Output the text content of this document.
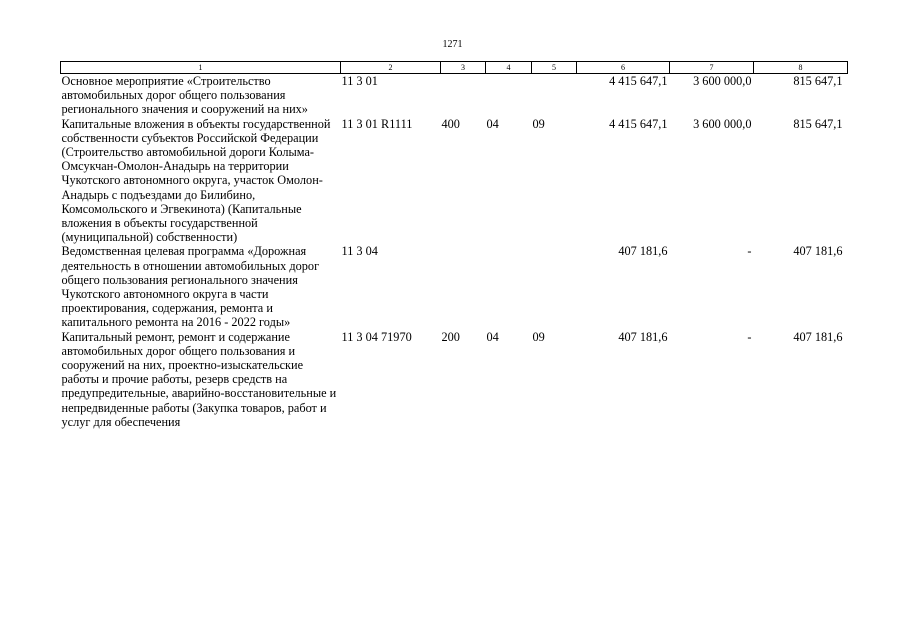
1271
1	2	3	4	5	6	7	8
Основное мероприятие «Строительство автомобильных дорог общего пользования регионального значения и сооружений на них»	11 3 01				4 415 647,1	3 600 000,0	815 647,1
Капитальные вложения в объекты государственной собственности субъектов Российской Федерации (Строительство автомобильной дороги Колыма-Омсукчан-Омолон-Анадырь на территории Чукотского автономного округа, участок Омолон-Анадырь с подъездами до Билибино, Комсомольского и Эгвекинота) (Капитальные вложения в объекты государственной (муниципальной) собственности)	11 3 01 R1111	400	04	09	4 415 647,1	3 600 000,0	815 647,1
Ведомственная целевая программа «Дорожная деятельность в отношении автомобильных дорог общего пользования регионального значения Чукотского автономного округа в части проектирования, содержания, ремонта и капитального ремонта на 2016 - 2022 годы»	11 3 04				407 181,6	-	407 181,6
Капитальный ремонт, ремонт и содержание автомобильных дорог общего пользования и сооружений на них, проектно-изыскательские работы и прочие работы, резерв средств на предупредительные, аварийно-восстановительные и непредвиденные работы (Закупка товаров, работ и услуг для обеспечения	11 3 04 71970	200	04	09	407 181,6	-	407 181,6
